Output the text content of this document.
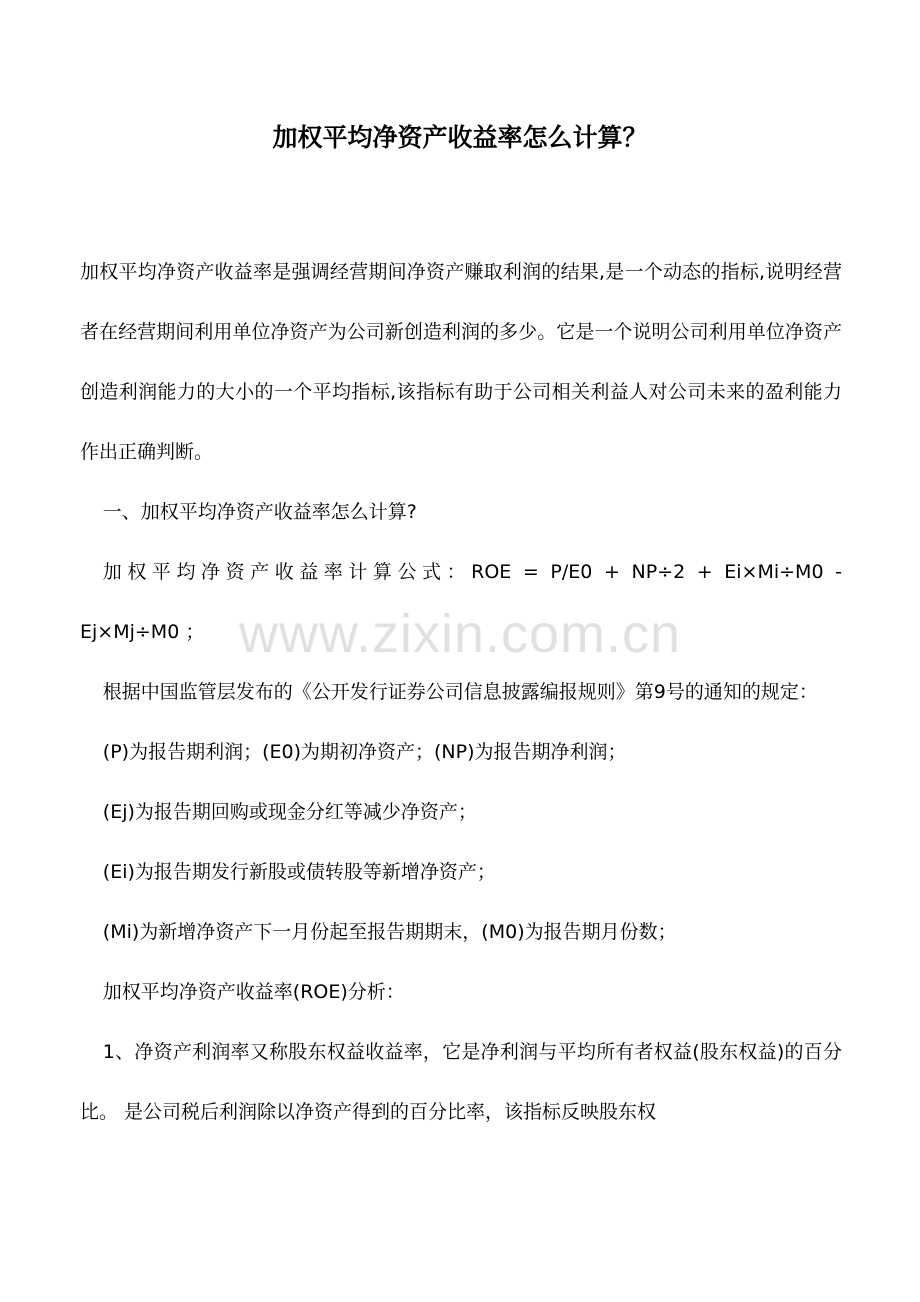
加权平均净资产收益率怎么计算？

加权平均净资产收益率是强调经营期间净资产赚取利润的结果,是一个动态的指标,说明经营者在经营期间利用单位净资产为公司新创造利润的多少。它是一个说明公司利用单位净资产创造利润能力的大小的一个平均指标,该指标有助于公司相关利益人对公司未来的盈利能力作出正确判断。

一、加权平均净资产收益率怎么计算?

加权平均净资产收益率计算公式：ROE = P/E0 + NP÷2 + Ei×Mi÷M0 -
Ej×Mj÷M0 ；

根据中国监管层发布的《公开发行证券公司信息披露编报规则》第9号的通知的规定：

(P)为报告期利润；(E0)为期初净资产；(NP)为报告期净利润；

(Ej)为报告期回购或现金分红等减少净资产；

(Ei)为报告期发行新股或债转股等新增净资产；

(Mi)为新增净资产下一月份起至报告期期末，(M0)为报告期月份数；

加权平均净资产收益率(ROE)分析：

1、净资产利润率又称股东权益收益率，它是净利润与平均所有者权益(股东权益)的百分比。 是公司税后利润除以净资产得到的百分比率，该指标反映股东权

www.zixin.com.cn
